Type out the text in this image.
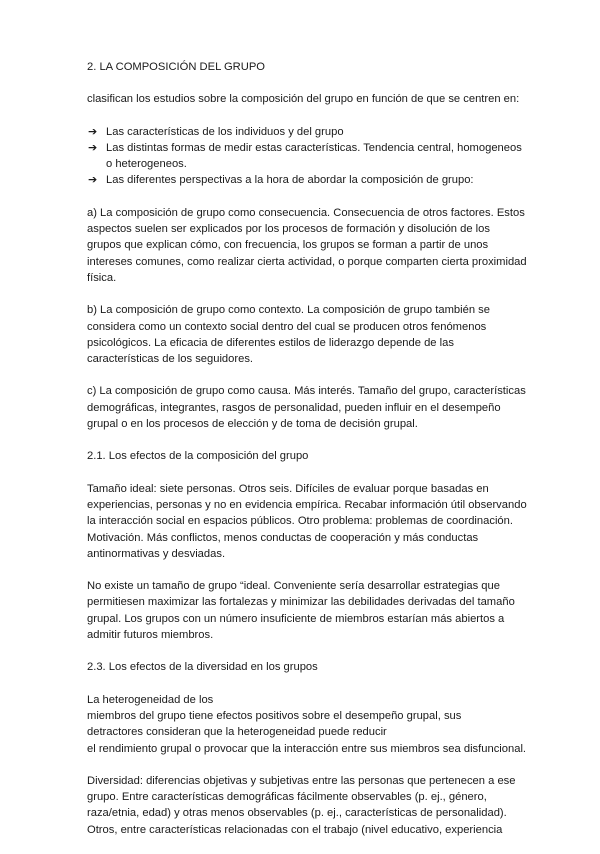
2. LA COMPOSICIÓN DEL GRUPO

clasifican los estudios sobre la composición del grupo en función de que se centren en:

➔ Las características de los individuos y del grupo
➔ Las distintas formas de medir estas características. Tendencia central, homogeneos o heterogeneos.
➔ Las diferentes perspectivas a la hora de abordar la composición de grupo:

a) La composición de grupo como consecuencia. Consecuencia de otros factores. Estos aspectos suelen ser explicados por los procesos de formación y disolución de los grupos que explican cómo, con frecuencia, los grupos se forman a partir de unos intereses comunes, como realizar cierta actividad, o porque comparten cierta proximidad física.

b) La composición de grupo como contexto. La composición de grupo también se considera como un contexto social dentro del cual se producen otros fenómenos psicológicos. La eficacia de diferentes estilos de liderazgo depende de las características de los seguidores.

c) La composición de grupo como causa. Más interés. Tamaño del grupo, características demográficas, integrantes, rasgos de personalidad, pueden influir en el desempeño grupal o en los procesos de elección y de toma de decisión grupal.

2.1. Los efectos de la composición del grupo

Tamaño ideal: siete personas. Otros seis. Difíciles de evaluar porque basadas en experiencias, personas y no en evidencia empírica. Recabar información útil observando la interacción social en espacios públicos. Otro problema: problemas de coordinación. Motivación. Más conflictos, menos conductas de cooperación y más conductas antinormativas y desviadas.

No existe un tamaño de grupo “ideal. Conveniente sería desarrollar estrategias que permitiesen maximizar las fortalezas y minimizar las debilidades derivadas del tamaño grupal. Los grupos con un número insuficiente de miembros estarían más abiertos a admitir futuros miembros.

2.3. Los efectos de la diversidad en los grupos

La heterogeneidad de los
miembros del grupo tiene efectos positivos sobre el desempeño grupal, sus
detractores consideran que la heterogeneidad puede reducir
el rendimiento grupal o provocar que la interacción entre sus miembros sea disfuncional.

Diversidad: diferencias objetivas y subjetivas entre las personas que pertenecen a ese grupo. Entre características demográficas fácilmente observables (p. ej., género, raza/etnia, edad) y otras menos observables (p. ej., características de personalidad). Otros, entre características relacionadas con el trabajo (nivel educativo, experiencia
